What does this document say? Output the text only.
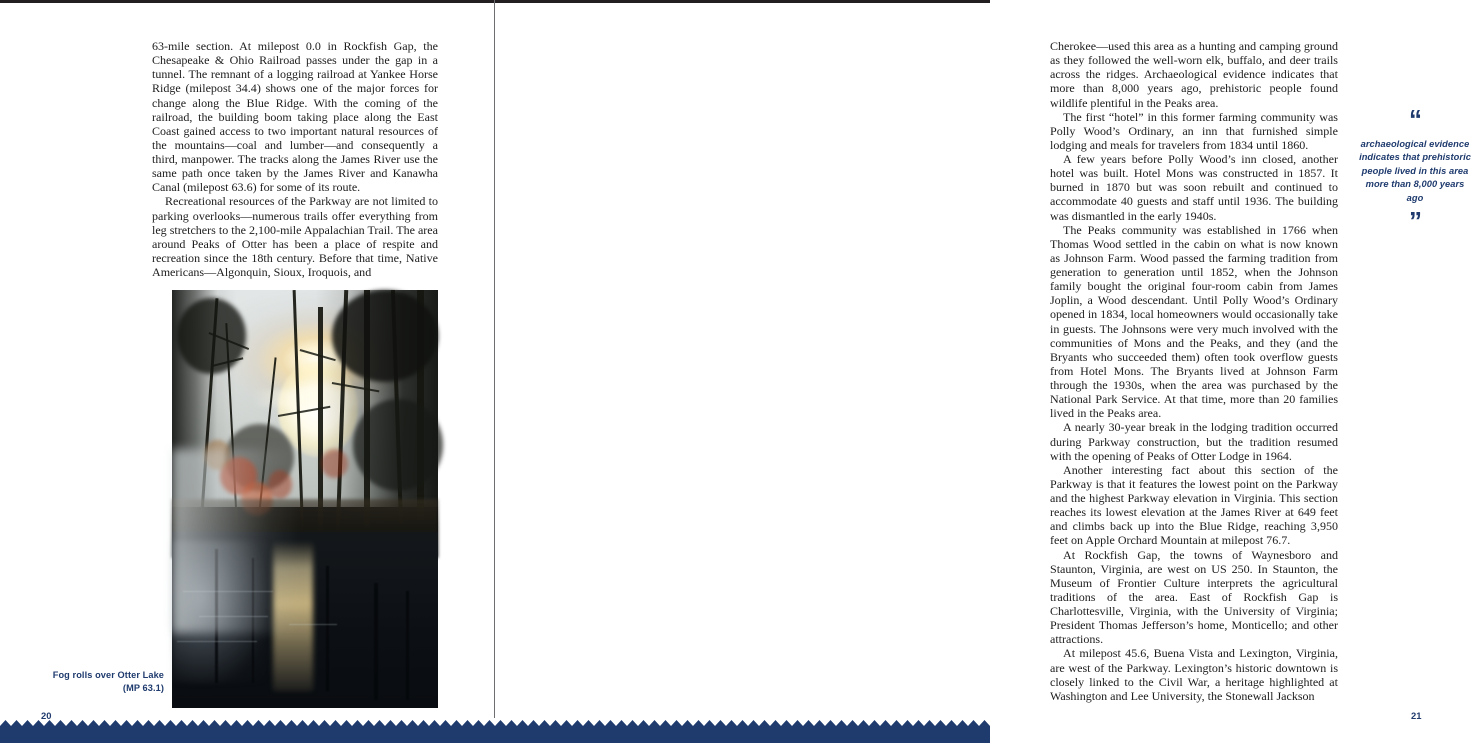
63-mile section. At milepost 0.0 in Rockfish Gap, the Chesapeake & Ohio Railroad passes under the gap in a tunnel. The remnant of a logging railroad at Yankee Horse Ridge (milepost 34.4) shows one of the major forces for change along the Blue Ridge. With the coming of the railroad, the building boom taking place along the East Coast gained access to two important natural resources of the mountains—coal and lumber—and consequently a third, manpower. The tracks along the James River use the same path once taken by the James River and Kanawha Canal (milepost 63.6) for some of its route.

Recreational resources of the Parkway are not limited to parking overlooks—numerous trails offer everything from leg stretchers to the 2,100-mile Appalachian Trail. The area around Peaks of Otter has been a place of respite and recreation since the 18th century. Before that time, Native Americans—Algonquin, Sioux, Iroquois, and

Fog rolls over Otter Lake
(MP 63.1)
20

Cherokee—used this area as a hunting and camping ground as they followed the well-worn elk, buffalo, and deer trails across the ridges. Archaeological evidence indicates that more than 8,000 years ago, prehistoric people found wildlife plentiful in the Peaks area.

The first “hotel” in this former farming community was Polly Wood’s Ordinary, an inn that furnished simple lodging and meals for travelers from 1834 until 1860.

A few years before Polly Wood’s inn closed, another hotel was built. Hotel Mons was constructed in 1857. It burned in 1870 but was soon rebuilt and continued to accommodate 40 guests and staff until 1936. The building was dismantled in the early 1940s.

The Peaks community was established in 1766 when Thomas Wood settled in the cabin on what is now known as Johnson Farm. Wood passed the farming tradition from generation to generation until 1852, when the Johnson family bought the original four-room cabin from James Joplin, a Wood descendant. Until Polly Wood’s Ordinary opened in 1834, local homeowners would occasionally take in guests. The Johnsons were very much involved with the communities of Mons and the Peaks, and they (and the Bryants who succeeded them) often took overflow guests from Hotel Mons. The Bryants lived at Johnson Farm through the 1930s, when the area was purchased by the National Park Service. At that time, more than 20 families lived in the Peaks area.

A nearly 30-year break in the lodging tradition occurred during Parkway construction, but the tradition resumed with the opening of Peaks of Otter Lodge in 1964.

Another interesting fact about this section of the Parkway is that it features the lowest point on the Parkway and the highest Parkway elevation in Virginia. This section reaches its lowest elevation at the James River at 649 feet and climbs back up into the Blue Ridge, reaching 3,950 feet on Apple Orchard Mountain at milepost 76.7.

At Rockfish Gap, the towns of Waynesboro and Staunton, Virginia, are west on US 250. In Staunton, the Museum of Frontier Culture interprets the agricultural traditions of the area. East of Rockfish Gap is Charlottesville, Virginia, with the University of Virginia; President Thomas Jefferson’s home, Monticello; and other attractions.

At milepost 45.6, Buena Vista and Lexington, Virginia, are west of the Parkway. Lexington’s historic downtown is closely linked to the Civil War, a heritage highlighted at Washington and Lee University, the Stonewall Jackson

“
archaeological evidence indicates that prehistoric people lived in this area more than 8,000 years ago
”
21
